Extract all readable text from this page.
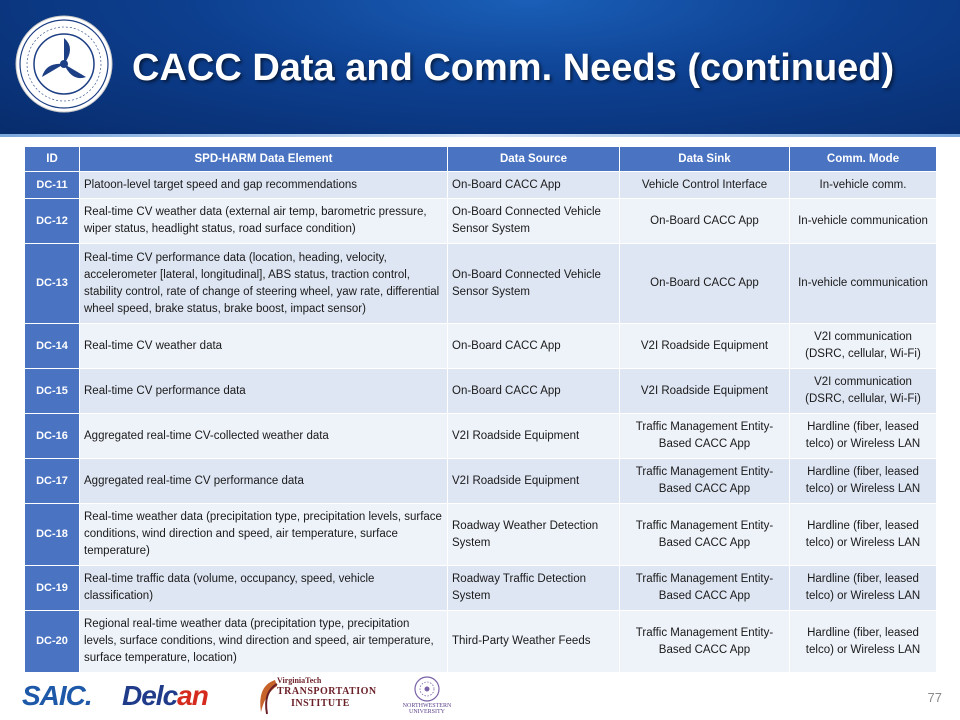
CACC Data and Comm. Needs (continued)
ID	SPD-HARM Data Element	Data Source	Data Sink	Comm. Mode
DC-11	Platoon-level target speed and gap recommendations	On-Board CACC App	Vehicle Control Interface	In-vehicle comm.
DC-12	Real-time CV weather data (external air temp, barometric pressure, wiper status, headlight status, road surface condition)	On-Board Connected Vehicle Sensor System	On-Board CACC App	In-vehicle communication
DC-13	Real-time CV performance data (location, heading, velocity, accelerometer [lateral, longitudinal], ABS status, traction control, stability control, rate of change of steering wheel, yaw rate, differential wheel speed, brake status, brake boost, impact sensor)	On-Board Connected Vehicle Sensor System	On-Board CACC App	In-vehicle communication
DC-14	Real-time CV weather data	On-Board CACC App	V2I Roadside Equipment	V2I communication (DSRC, cellular, Wi-Fi)
DC-15	Real-time CV performance data	On-Board CACC App	V2I Roadside Equipment	V2I communication (DSRC, cellular, Wi-Fi)
DC-16	Aggregated real-time CV-collected weather data	V2I Roadside Equipment	Traffic Management Entity-Based CACC App	Hardline (fiber, leased telco) or Wireless LAN
DC-17	Aggregated real-time CV performance data	V2I Roadside Equipment	Traffic Management Entity-Based CACC App	Hardline (fiber, leased telco) or Wireless LAN
DC-18	Real-time weather data (precipitation type, precipitation levels, surface conditions, wind direction and speed, air temperature, surface temperature)	Roadway Weather Detection System	Traffic Management Entity-Based CACC App	Hardline (fiber, leased telco) or Wireless LAN
DC-19	Real-time traffic data (volume, occupancy, speed, vehicle classification)	Roadway Traffic Detection System	Traffic Management Entity-Based CACC App	Hardline (fiber, leased telco) or Wireless LAN
DC-20	Regional real-time weather data (precipitation type, precipitation levels, surface conditions, wind direction and speed, air temperature, surface temperature, location)	Third-Party Weather Feeds	Traffic Management Entity-Based CACC App	Hardline (fiber, leased telco) or Wireless LAN
SAIC. Delcan	VirginiaTech
TRANSPORTATION
INSTITUTE	NORTHWESTERN UNIVERSITY
77
